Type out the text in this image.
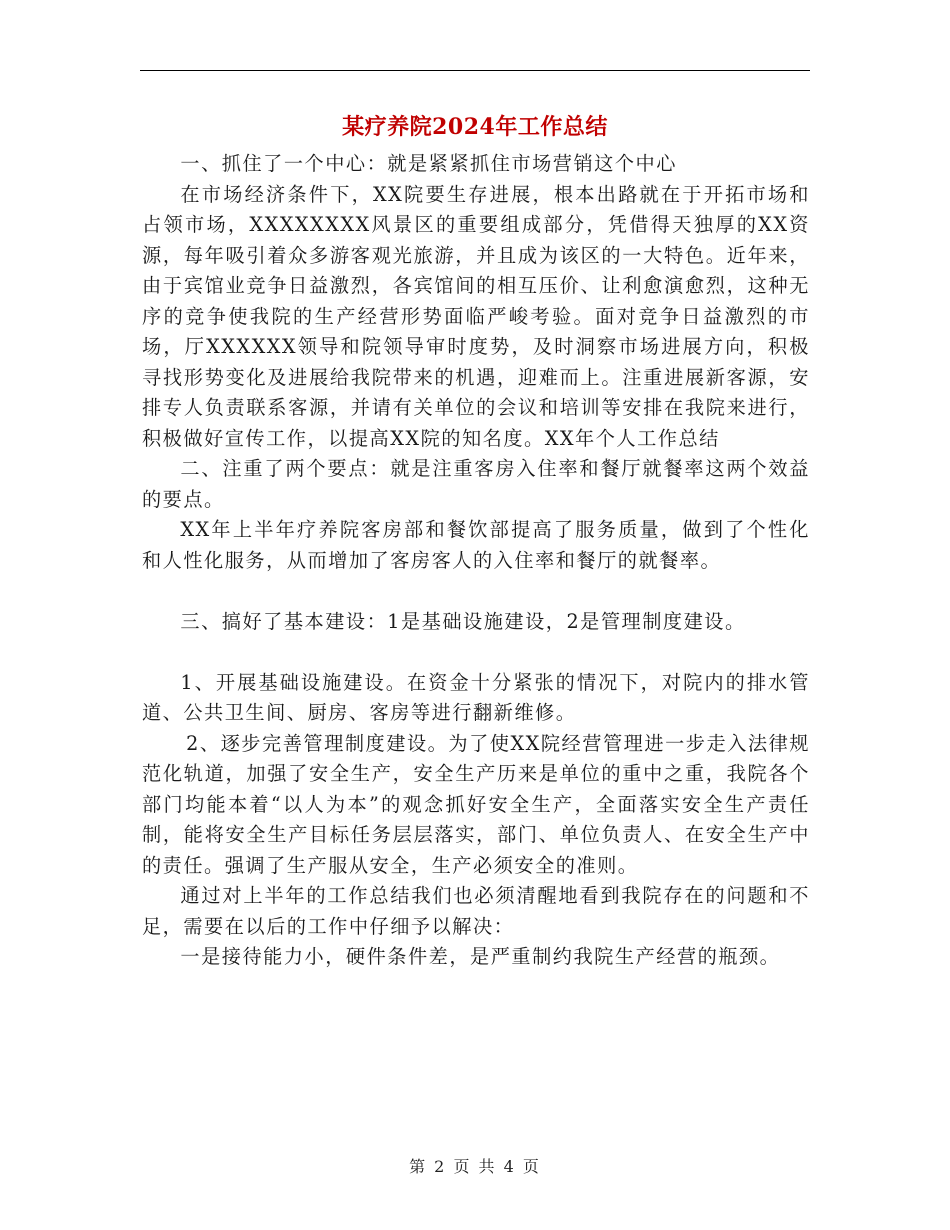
某疗养院2024年工作总结

一、抓住了一个中心：就是紧紧抓住市场营销这个中心

在市场经济条件下，XX院要生存进展，根本出路就在于开拓市场和占领市场，XXXXXXXX风景区的重要组成部分，凭借得天独厚的XX资源，每年吸引着众多游客观光旅游，并且成为该区的一大特色。近年来，由于宾馆业竞争日益激烈，各宾馆间的相互压价、让利愈演愈烈，这种无序的竞争使我院的生产经营形势面临严峻考验。面对竞争日益激烈的市场，厅XXXXXX领导和院领导审时度势，及时洞察市场进展方向，积极寻找形势变化及进展给我院带来的机遇，迎难而上。注重进展新客源，安排专人负责联系客源，并请有关单位的会议和培训等安排在我院来进行，积极做好宣传工作，以提高XX院的知名度。XX年个人工作总结

二、注重了两个要点：就是注重客房入住率和餐厅就餐率这两个效益的要点。

XX年上半年疗养院客房部和餐饮部提高了服务质量，做到了个性化和人性化服务，从而增加了客房客人的入住率和餐厅的就餐率。

三、搞好了基本建设：1是基础设施建设，2是管理制度建设。

1、开展基础设施建设。在资金十分紧张的情况下，对院内的排水管道、公共卫生间、厨房、客房等进行翻新维修。

2、逐步完善管理制度建设。为了使XX院经营管理进一步走入法律规范化轨道，加强了安全生产，安全生产历来是单位的重中之重，我院各个部门均能本着“以人为本”的观念抓好安全生产，全面落实安全生产责任制，能将安全生产目标任务层层落实，部门、单位负责人、在安全生产中的责任。强调了生产服从安全，生产必须安全的准则。

通过对上半年的工作总结我们也必须清醒地看到我院存在的问题和不足，需要在以后的工作中仔细予以解决：

一是接待能力小，硬件条件差，是严重制约我院生产经营的瓶颈。

第 2 页 共 4 页
